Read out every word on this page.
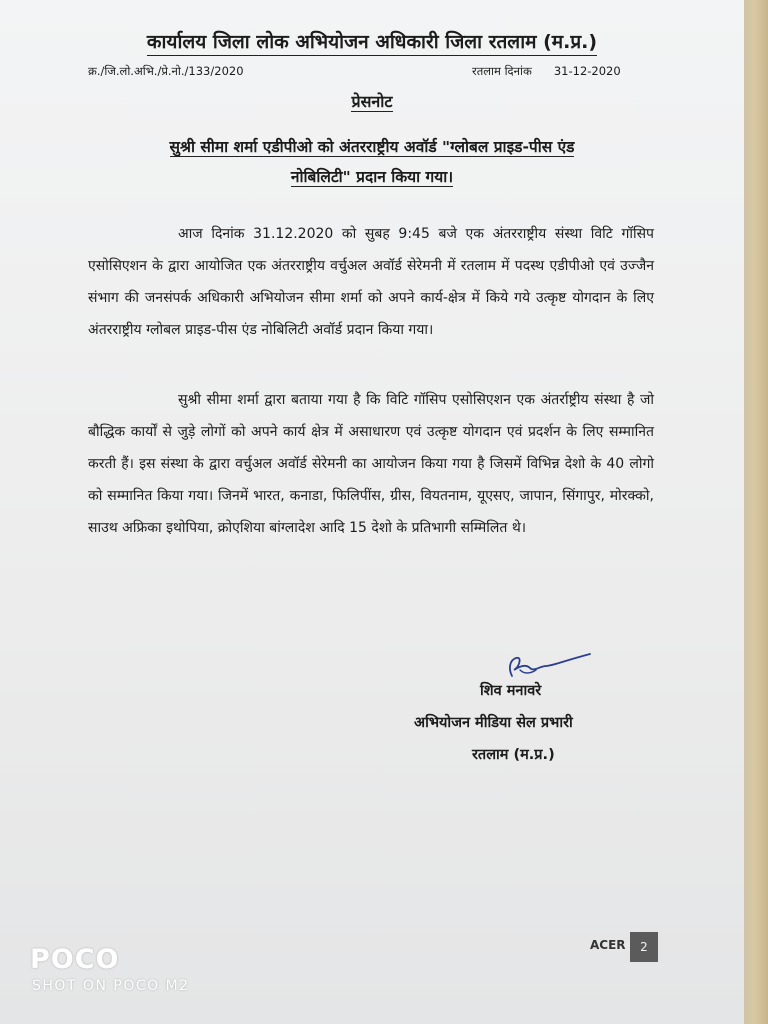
कार्यालय जिला लोक अभियोजन अधिकारी जिला रतलाम (म.प्र.)
क्र./जि.लो.अभि./प्रे.नो./133/2020	रतलाम दिनांक 31-12-2020
प्रेसनोट
सुश्री सीमा शर्मा एडीपीओ को अंतरराष्ट्रीय अवॉर्ड "ग्लोबल प्राइड-पीस एंड
नोबिलिटी" प्रदान किया गया।

आज दिनांक 31.12.2020 को सुबह 9:45 बजे एक अंतरराष्ट्रीय संस्था विटि गॉसिप एसोसिएशन के द्वारा आयोजित एक अंतरराष्ट्रीय वर्चुअल अवॉर्ड सेरेमनी में रतलाम में पदस्थ एडीपीओ एवं उज्जैन संभाग की जनसंपर्क अधिकारी अभियोजन सीमा शर्मा को अपने कार्य-क्षेत्र में किये गये उत्कृष्ट योगदान के लिए अंतरराष्ट्रीय ग्लोबल प्राइड-पीस एंड नोबिलिटी अवॉर्ड प्रदान किया गया।

सुश्री सीमा शर्मा द्वारा बताया गया है कि विटि गॉसिप एसोसिएशन एक अंतर्राष्ट्रीय संस्था है जो बौद्धिक कार्यों से जुड़े लोगों को अपने कार्य क्षेत्र में असाधारण एवं उत्कृष्ट योगदान एवं प्रदर्शन के लिए सम्मानित करती हैं। इस संस्था के द्वारा वर्चुअल अवॉर्ड सेरेमनी का आयोजन किया गया है जिसमें विभिन्न देशो के 40 लोगो को सम्मानित किया गया। जिनमें भारत, कनाडा, फिलिपींस, ग्रीस, वियतनाम, यूएसए, जापान, सिंगापुर, मोरक्को, साउथ अफ्रिका इथोपिया, क्रोएशिया बांग्लादेश आदि 15 देशो के प्रतिभागी सम्मिलित थे।

शिव मनावरे
अभियोजन मीडिया सेल प्रभारी
रतलाम (म.प्र.)
ACER	2
POCO
SHOT ON POCO M2
